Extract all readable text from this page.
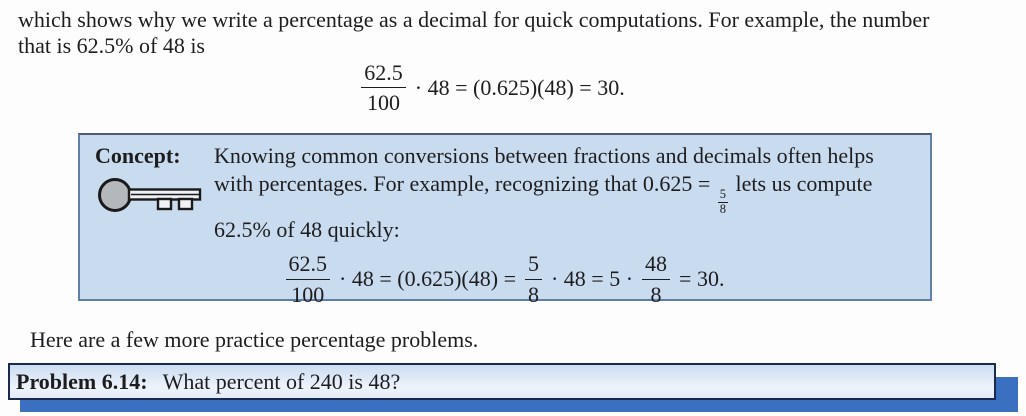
which shows why we write a percentage as a decimal for quick computations. For example, the number
that is 62.5% of 48 is
$\frac{62.5}{100} \cdot 48 = (0.625)(48) = 30$.
Concept:	Knowing common conversions between fractions and decimals often helps
with percentages. For example, recognizing that 0.625 =
$\frac{5}{8}$
lets us compute
62.5% of 48 quickly:
$\frac{62.5}{100} \cdot 48 = (0.625)(48) = \frac{5}{8} \cdot 48 = 5 \cdot \frac{48}{8} = 30$.
Here are a few more practice percentage problems.
Problem 6.14: What percent of 240 is 48?
